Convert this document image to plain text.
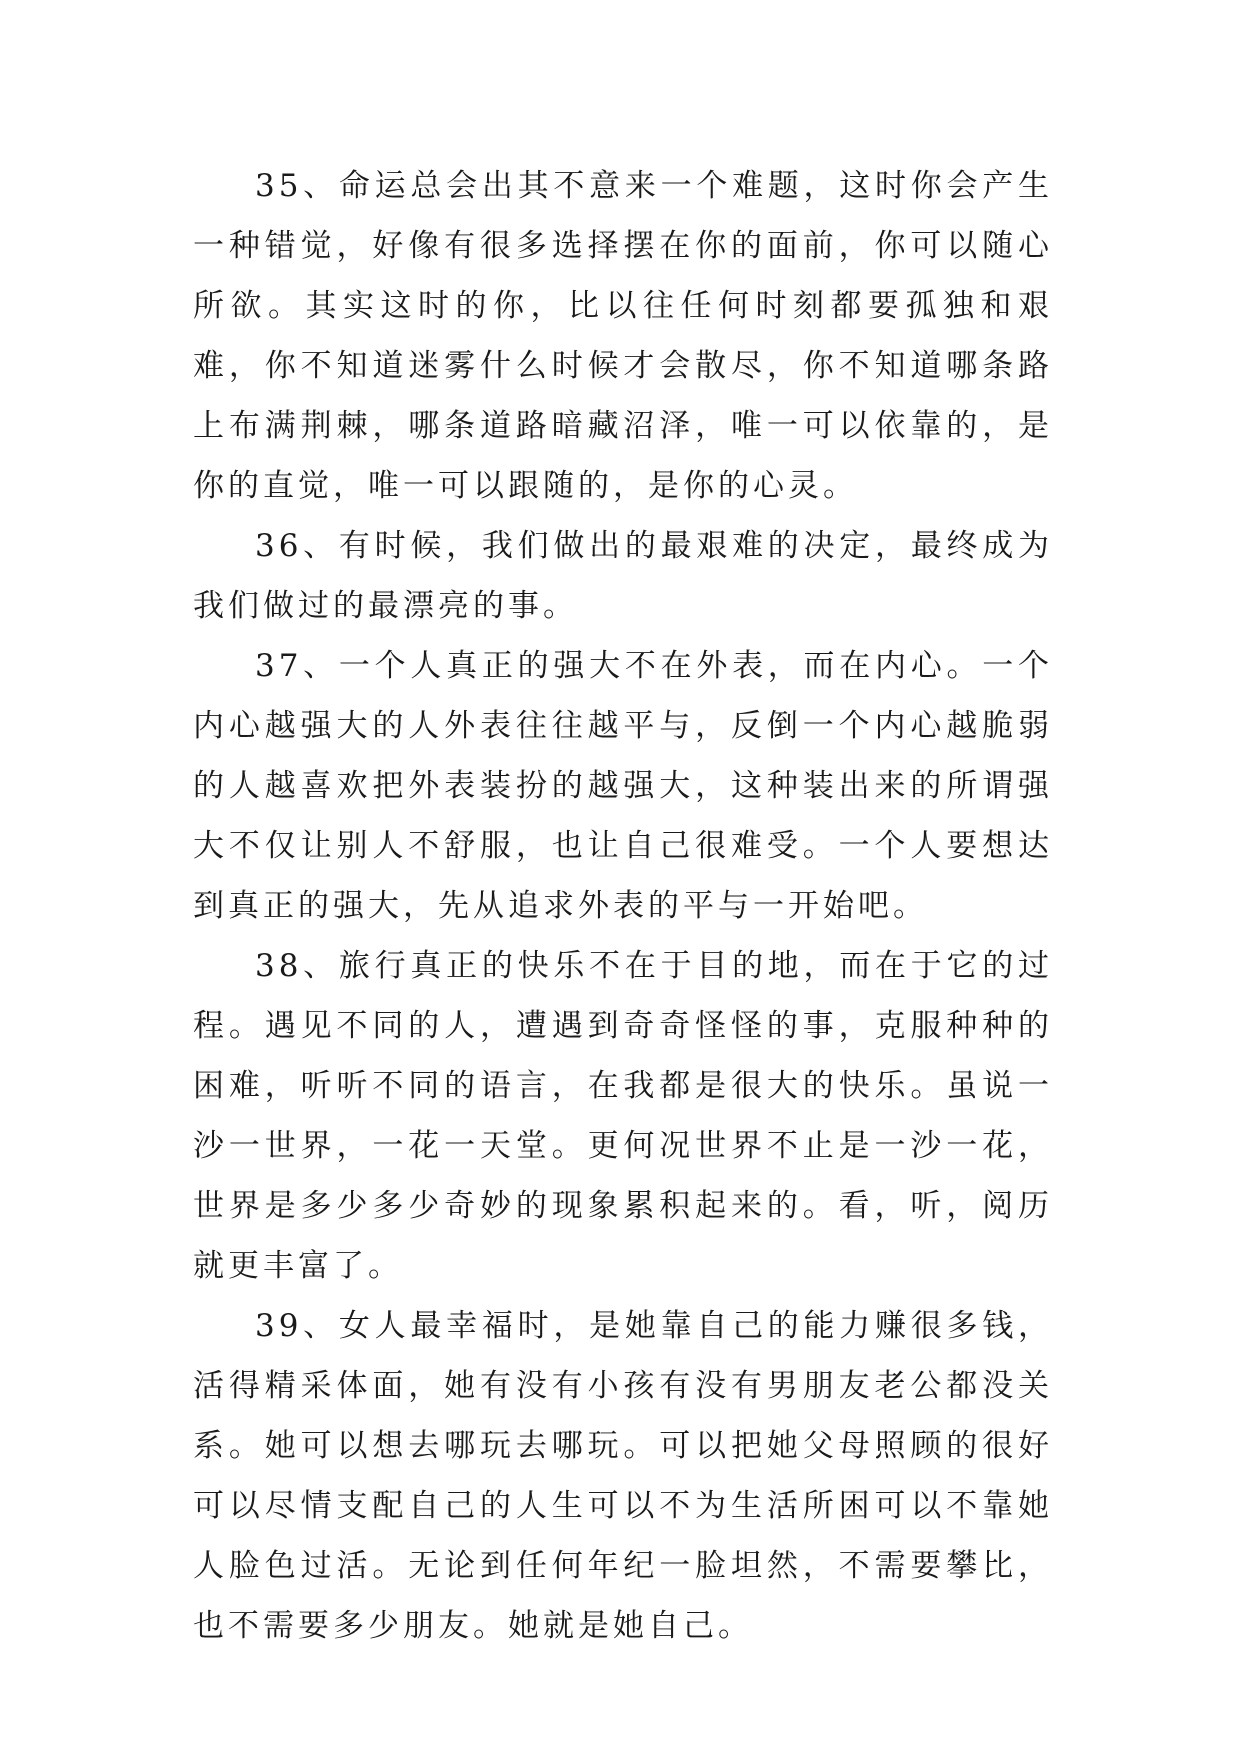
35、命运总会出其不意来一个难题，这时你会产生一种错觉，好像有很多选择摆在你的面前，你可以随心所欲。其实这时的你，比以往任何时刻都要孤独和艰难，你不知道迷雾什么时候才会散尽，你不知道哪条路上布满荆棘，哪条道路暗藏沼泽，唯一可以依靠的，是你的直觉，唯一可以跟随的，是你的心灵。

36、有时候，我们做出的最艰难的决定，最终成为我们做过的最漂亮的事。

37、一个人真正的强大不在外表，而在内心。一个内心越强大的人外表往往越平与，反倒一个内心越脆弱的人越喜欢把外表装扮的越强大，这种装出来的所谓强大不仅让别人不舒服，也让自己很难受。一个人要想达到真正的强大，先从追求外表的平与一开始吧。

38、旅行真正的快乐不在于目的地，而在于它的过程。遇见不同的人，遭遇到奇奇怪怪的事，克服种种的困难，听听不同的语言，在我都是很大的快乐。虽说一沙一世界，一花一天堂。更何况世界不止是一沙一花，世界是多少多少奇妙的现象累积起来的。看，听，阅历就更丰富了。

39、女人最幸福时，是她靠自己的能力赚很多钱，活得精采体面，她有没有小孩有没有男朋友老公都没关系。她可以想去哪玩去哪玩。可以把她父母照顾的很好可以尽情支配自己的人生可以不为生活所困可以不靠她人脸色过活。无论到任何年纪一脸坦然，不需要攀比，也不需要多少朋友。她就是她自己。
